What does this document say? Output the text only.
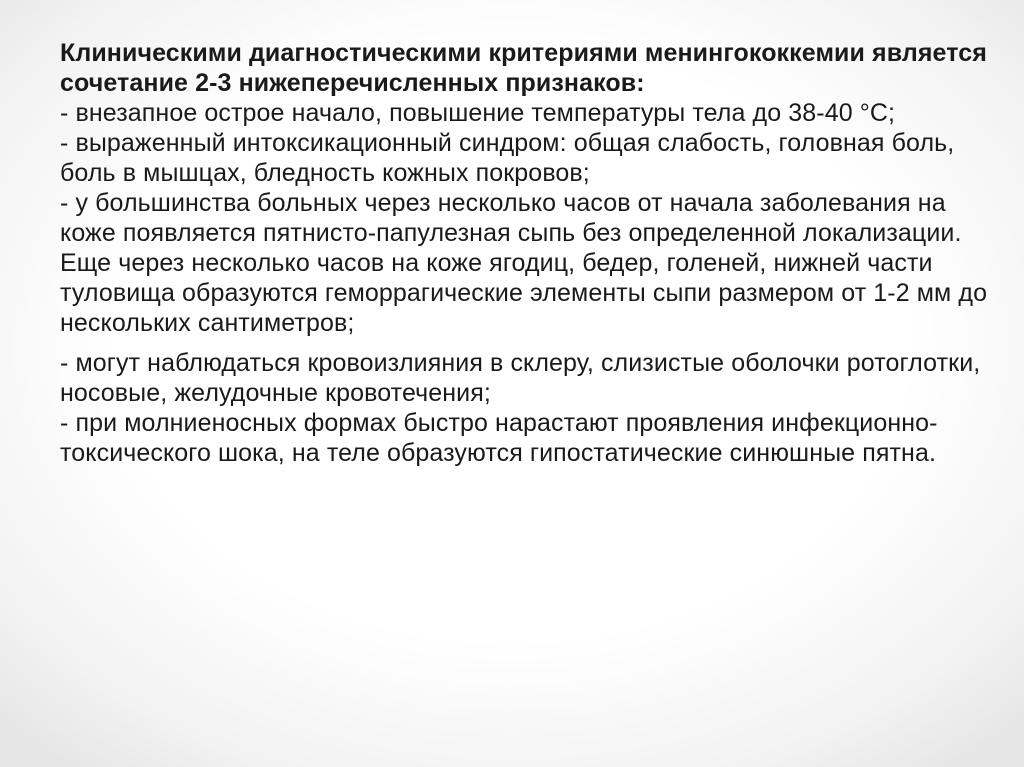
Клиническими диагностическими критериями менингококкемии является сочетание 2-3 нижеперечисленных признаков:

- внезапное острое начало, повышение температуры тела до 38-40 °С;

- выраженный интоксикационный синдром: общая слабость, головная боль, боль в мышцах, бледность кожных покровов;

- у большинства больных через несколько часов от начала заболевания на коже появляется пятнисто-папулезная сыпь без определенной локализации. Еще через несколько часов на коже ягодиц, бедер, голеней, нижней части туловища образуются геморрагические элементы сыпи размером от 1-2 мм до нескольких сантиметров;

- могут наблюдаться кровоизлияния в склеру, слизистые оболочки ротоглотки, носовые, желудочные кровотечения;

- при молниеносных формах быстро нарастают проявления инфекционно-токсического шока, на теле образуются гипостатические синюшные пятна.
